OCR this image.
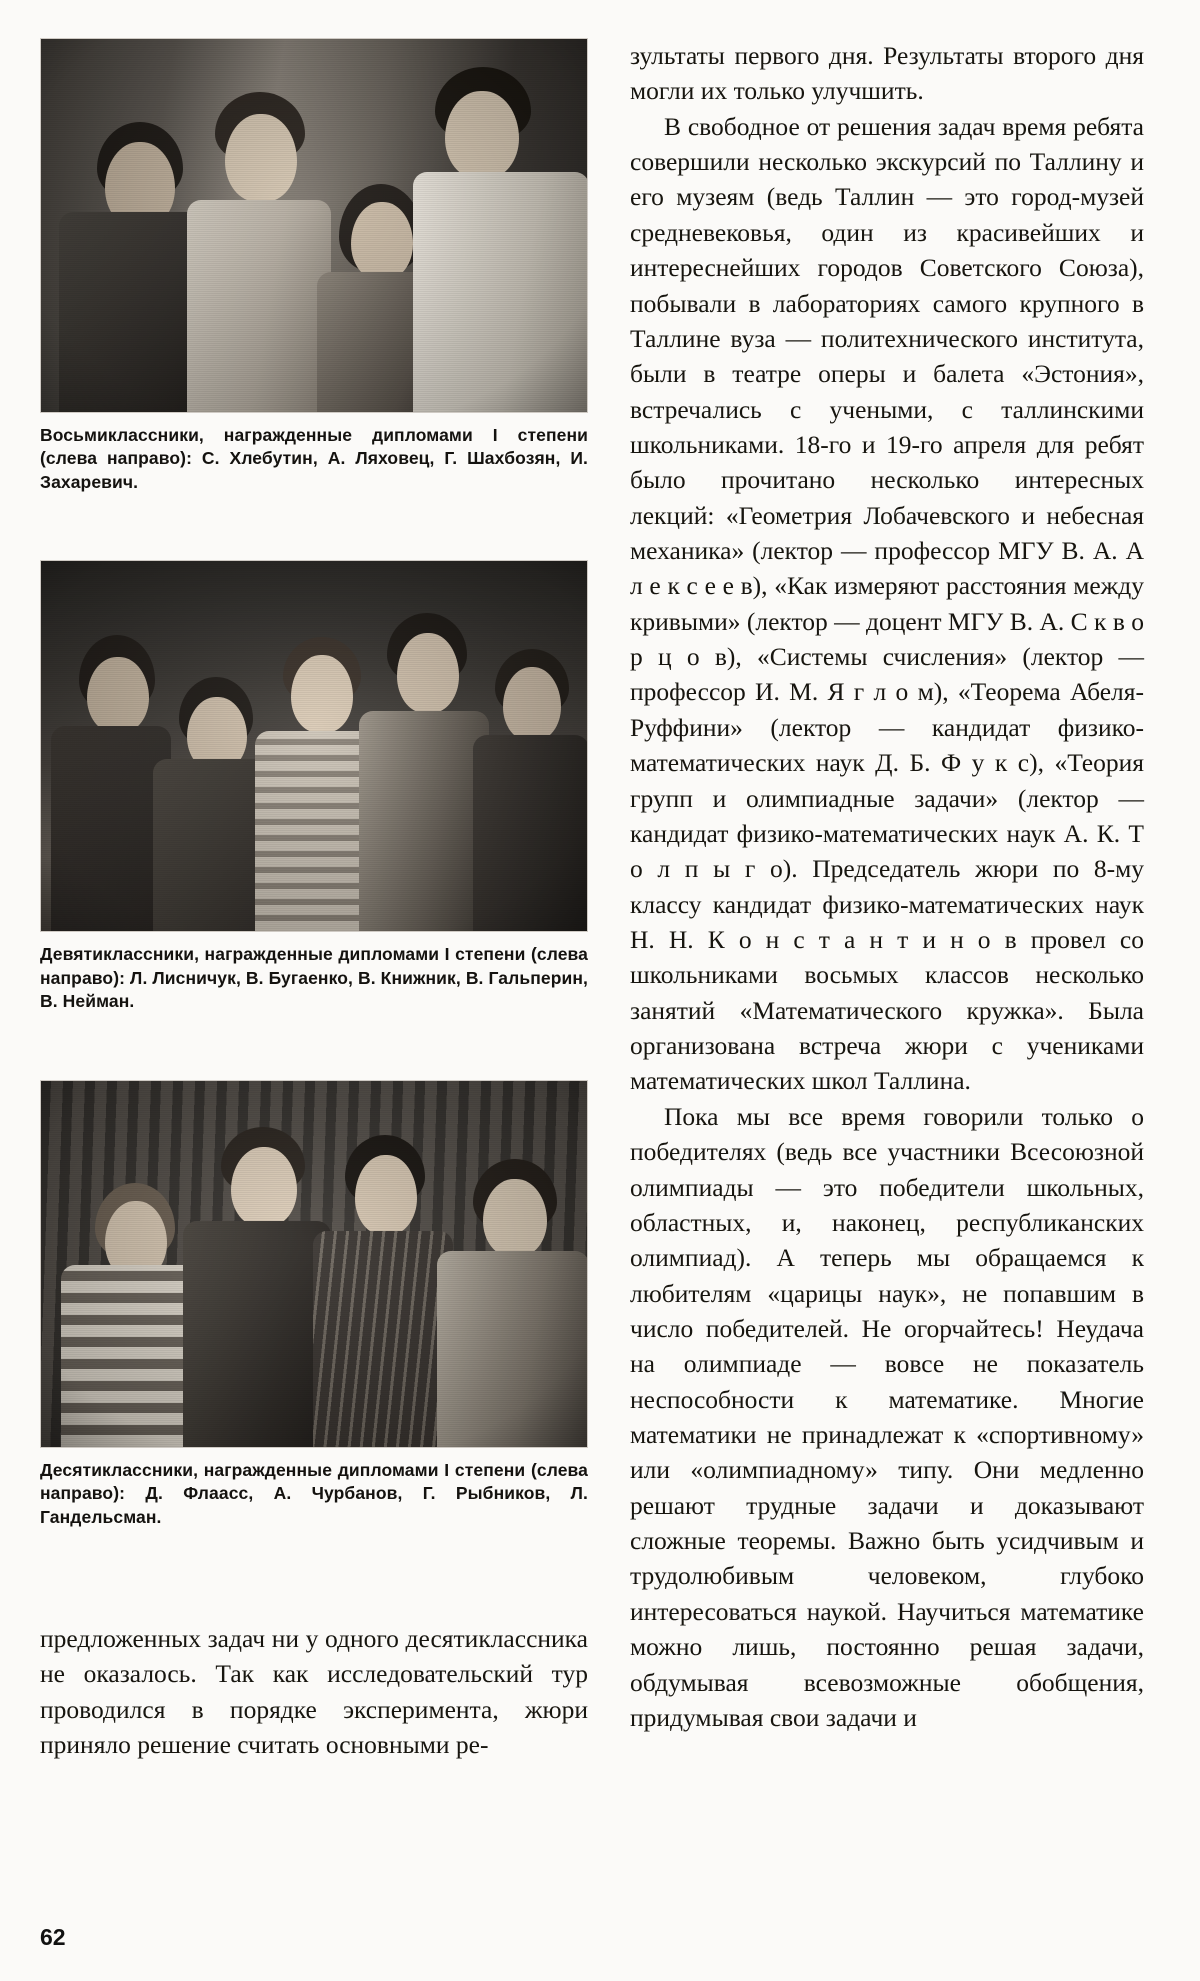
Восьмиклассники, награжденные дипломами I степени (слева направо): С. Хлебутин, А. Ляховец, Г. Шахбозян, И. Захаревич.
Девятиклассники, награжденные дипломами I степени (слева направо): Л. Лисничук, В. Бугаенко, В. Книжник, В. Гальперин, В. Нейман.
Десятиклассники, награжденные дипломами I степени (слева направо): Д. Флаасс, А. Чурбанов, Г. Рыбников, Л. Гандельсман.

предложенных задач ни у одного десятиклассника не оказалось. Так как исследовательский тур проводился в порядке эксперимента, жюри приняло решение считать основными ре-

зультаты первого дня. Результаты второго дня могли их только улучшить.

В свободное от решения задач время ребята совершили несколько экскурсий по Таллину и его музеям (ведь Таллин — это город-музей средневековья, один из красивейших и интереснейших городов Советского Союза), побывали в лабораториях самого крупного в Таллине вуза — политехнического института, были в театре оперы и балета «Эстония», встречались с учеными, с таллинскими школьниками. 18-го и 19-го апреля для ребят было прочитано несколько интересных лекций: «Геометрия Лобачевского и небесная механика» (лектор — профессор МГУ В. А. А л е к с е е в), «Как измеряют расстояния между кривыми» (лектор — доцент МГУ В. А. С к в о р ц о в), «Системы счисления» (лектор — профессор И. М. Я г л о м), «Теорема Абеля-Руффини» (лектор — кандидат физико-математических наук Д. Б. Ф у к с), «Теория групп и олимпиадные задачи» (лектор — кандидат физико-математических наук А. К. Т о л п ы г о). Председатель жюри по 8-му классу кандидат физико-математических наук Н. Н. К о н с т а н т и н о в провел со школьниками восьмых классов несколько занятий «Математического кружка». Была организована встреча жюри с учениками математических школ Таллина.

Пока мы все время говорили только о победителях (ведь все участники Всесоюзной олимпиады — это победители школьных, областных, и, наконец, республиканских олимпиад). А теперь мы обращаемся к любителям «царицы наук», не попавшим в число победителей. Не огорчайтесь! Неудача на олимпиаде — вовсе не показатель неспособности к математике. Многие математики не принадлежат к «спортивному» или «олимпиадному» типу. Они медленно решают трудные задачи и доказывают сложные теоремы. Важно быть усидчивым и трудолюбивым человеком, глубоко интересоваться наукой. Научиться математике можно лишь, постоянно решая задачи, обдумывая всевозможные обобщения, придумывая свои задачи и

62
